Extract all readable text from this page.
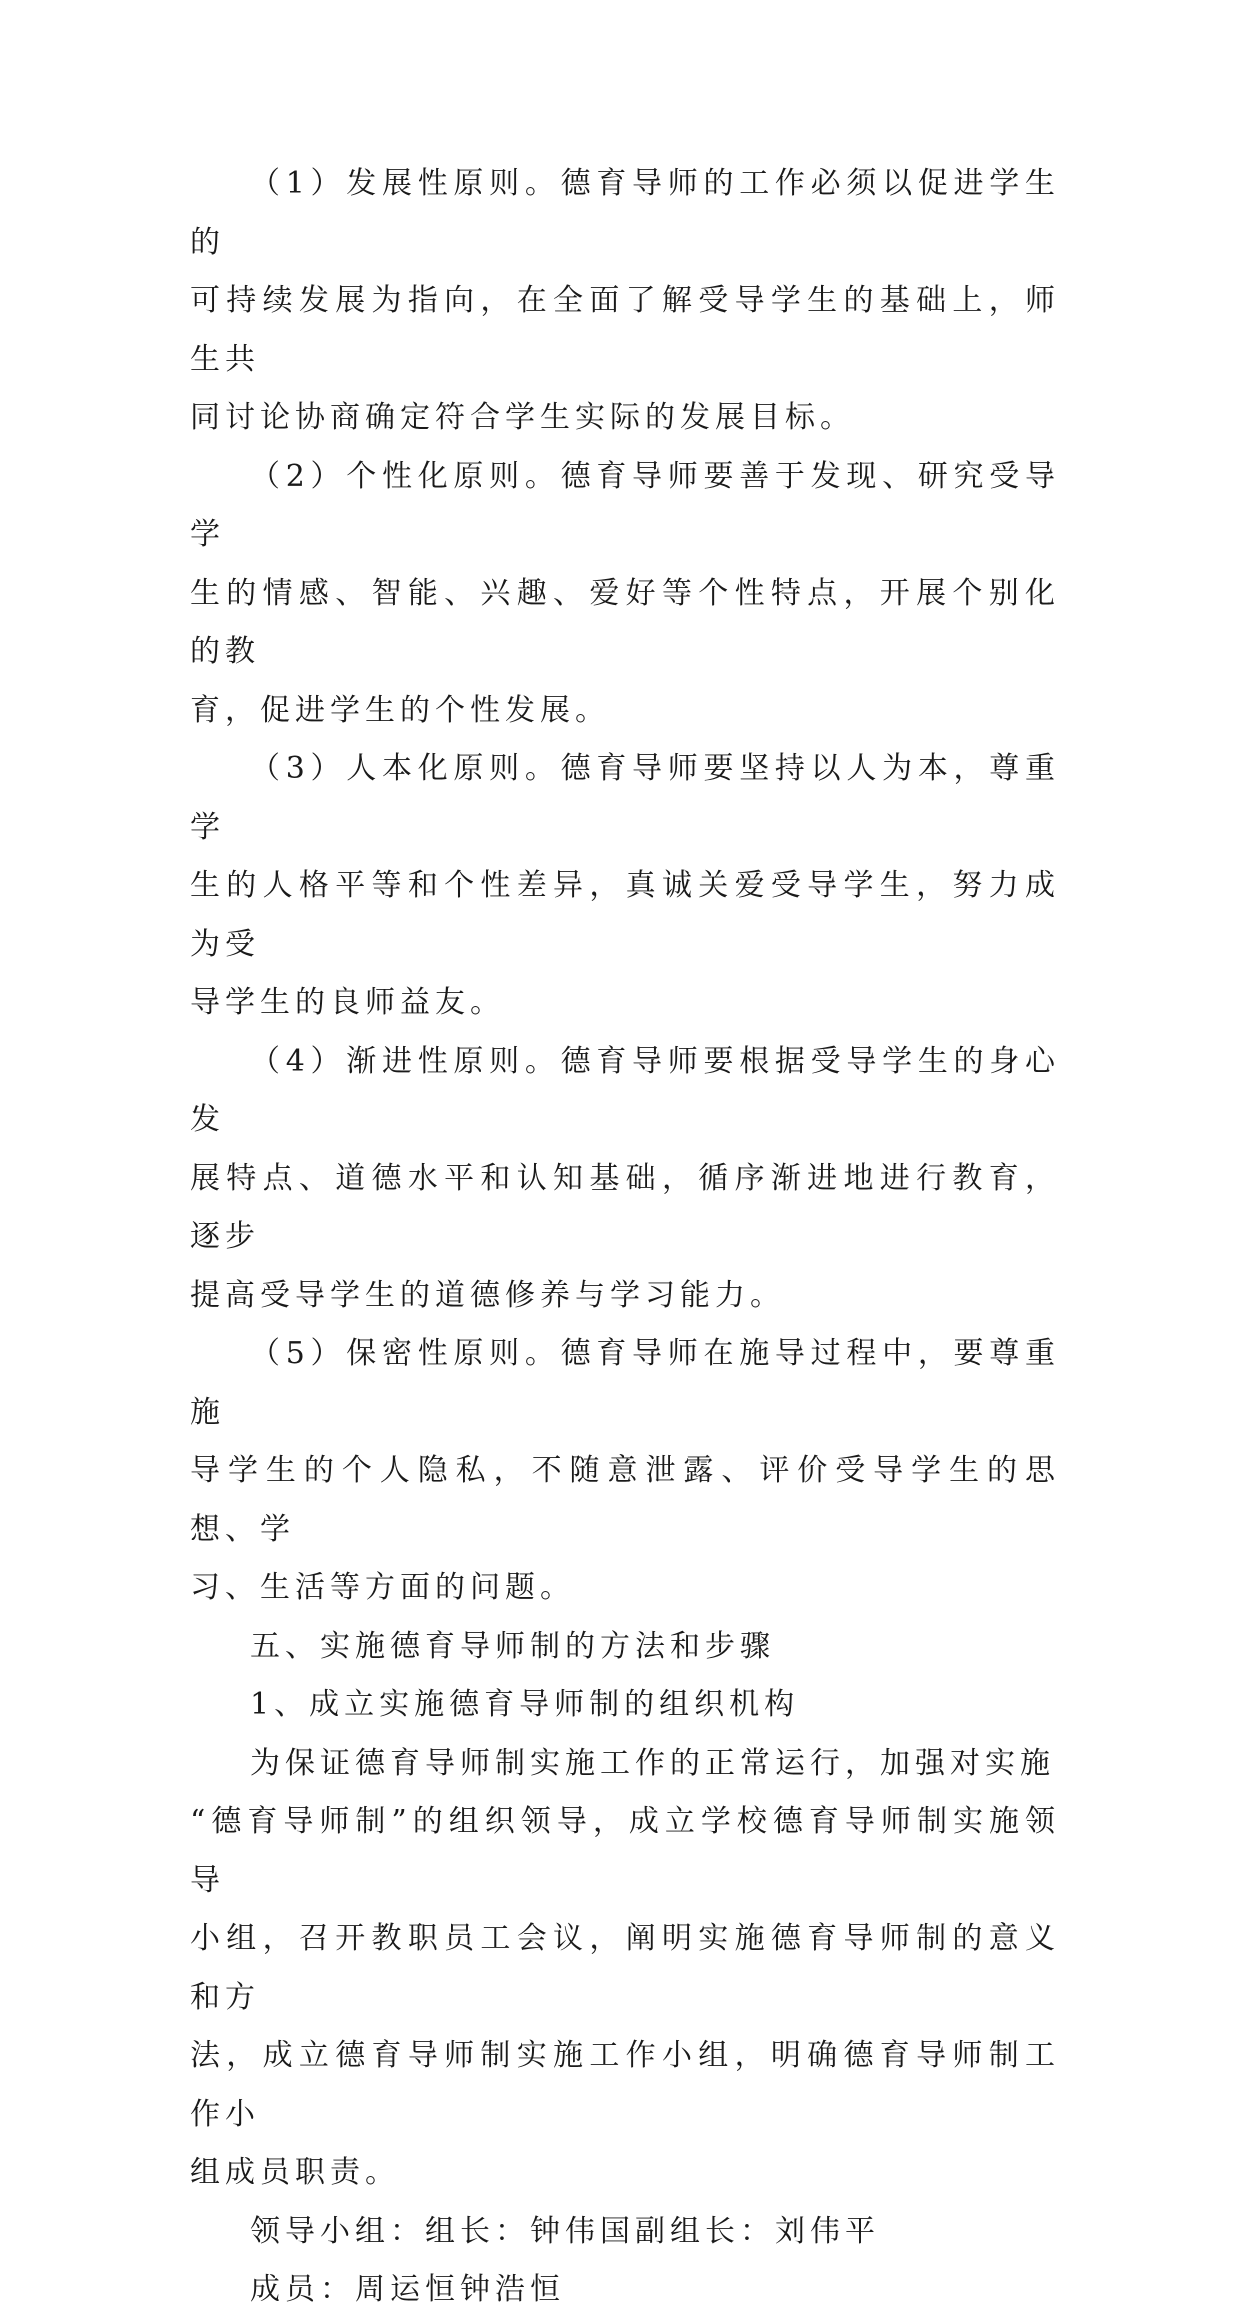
（1）发展性原则。德育导师的工作必须以促进学生的
可持续发展为指向，在全面了解受导学生的基础上，师生共
同讨论协商确定符合学生实际的发展目标。
（2）个性化原则。德育导师要善于发现、研究受导学
生的情感、智能、兴趣、爱好等个性特点，开展个别化的教
育，促进学生的个性发展。
（3）人本化原则。德育导师要坚持以人为本，尊重学
生的人格平等和个性差异，真诚关爱受导学生，努力成为受
导学生的良师益友。
（4）渐进性原则。德育导师要根据受导学生的身心发
展特点、道德水平和认知基础，循序渐进地进行教育，逐步
提高受导学生的道德修养与学习能力。
（5）保密性原则。德育导师在施导过程中，要尊重施
导学生的个人隐私，不随意泄露、评价受导学生的思想、学
习、生活等方面的问题。

五、实施德育导师制的方法和步骤

1、成立实施德育导师制的组织机构

为保证德育导师制实施工作的正常运行，加强对实施
“德育导师制”的组织领导，成立学校德育导师制实施领导
小组，召开教职员工会议，阐明实施德育导师制的意义和方
法，成立德育导师制实施工作小组，明确德育导师制工作小
组成员职责。

领导小组：组长：钟伟国副组长：刘伟平

成员：周运恒钟浩恒
